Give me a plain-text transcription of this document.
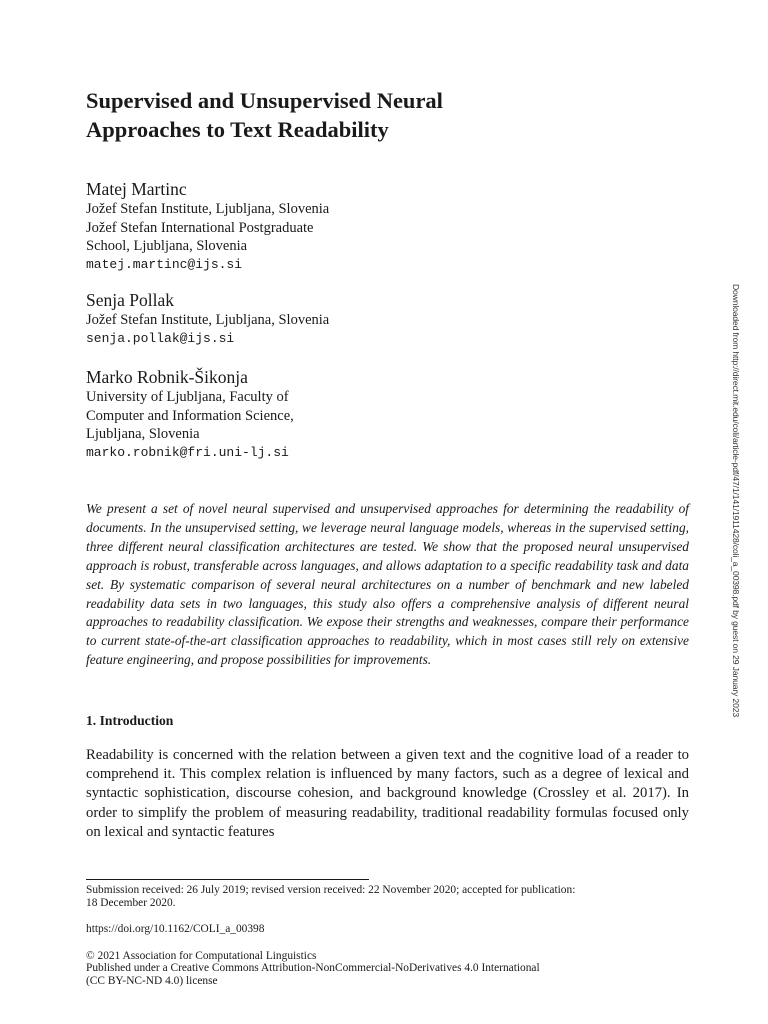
Supervised and Unsupervised Neural
Approaches to Text Readability
Matej Martinc
Jožef Stefan Institute, Ljubljana, Slovenia
Jožef Stefan International Postgraduate
School, Ljubljana, Slovenia
matej.martinc@ijs.si
Senja Pollak
Jožef Stefan Institute, Ljubljana, Slovenia
senja.pollak@ijs.si
Marko Robnik-Šikonja
University of Ljubljana, Faculty of
Computer and Information Science,
Ljubljana, Slovenia
marko.robnik@fri.uni-lj.si

We present a set of novel neural supervised and unsupervised approaches for determining the readability of documents. In the unsupervised setting, we leverage neural language models, whereas in the supervised setting, three different neural classification architectures are tested. We show that the proposed neural unsupervised approach is robust, transferable across languages, and allows adaptation to a specific readability task and data set. By systematic comparison of several neural architectures on a number of benchmark and new labeled readability data sets in two languages, this study also offers a comprehensive analysis of different neural approaches to readability classification. We expose their strengths and weaknesses, compare their performance to current state-of-the-art classification approaches to readability, which in most cases still rely on extensive feature engineering, and propose possibilities for improvements.

1. Introduction

Readability is concerned with the relation between a given text and the cognitive load of a reader to comprehend it. This complex relation is influenced by many factors, such as a degree of lexical and syntactic sophistication, discourse cohesion, and background knowledge (Crossley et al. 2017). In order to simplify the problem of measuring readability, traditional readability formulas focused only on lexical and syntactic features

Downloaded from http://direct.mit.edu/coli/article-pdf/47/1/141/1911428/coli_a_00398.pdf by guest on 29 January 2023

Submission received: 26 July 2019; revised version received: 22 November 2020; accepted for publication:

18 December 2020.

https://doi.org/10.1162/COLI_a_00398

© 2021 Association for Computational Linguistics

Published under a Creative Commons Attribution-NonCommercial-NoDerivatives 4.0 International

(CC BY-NC-ND 4.0) license
